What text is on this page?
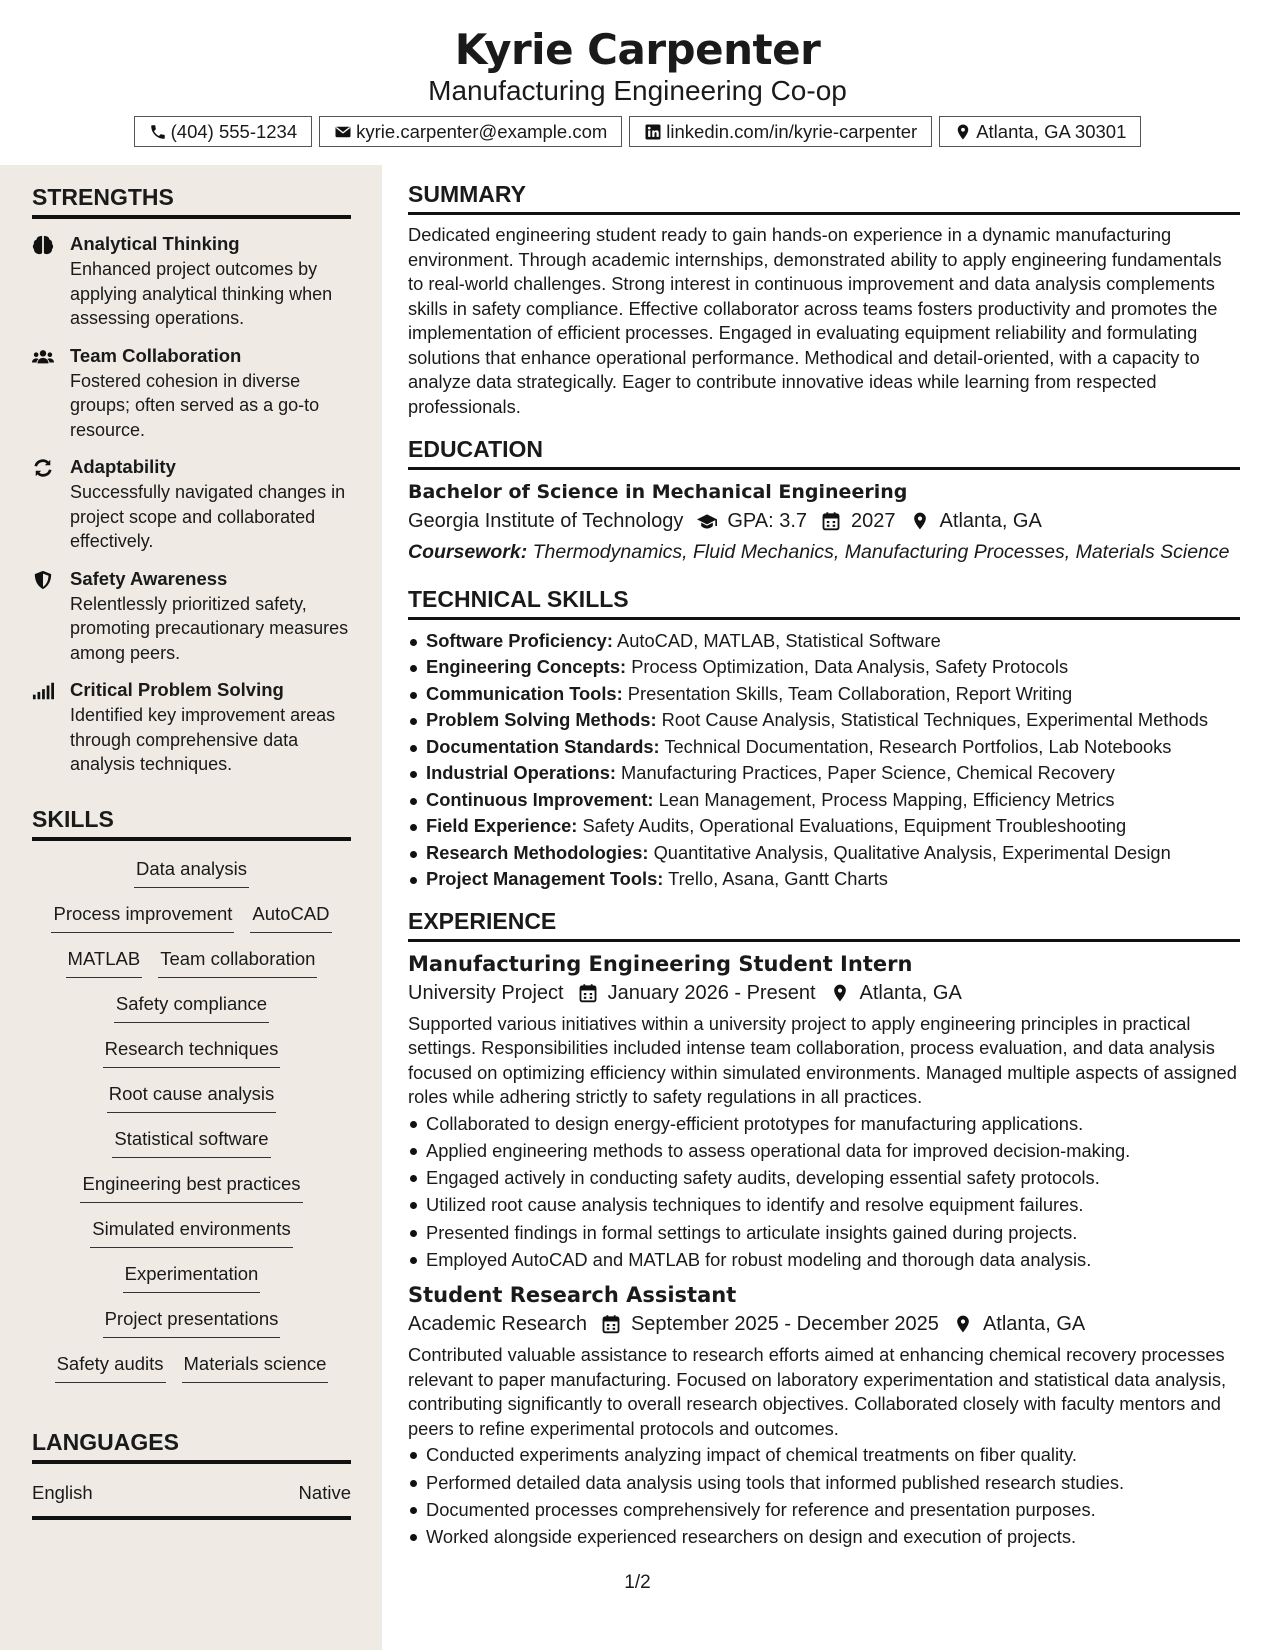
Kyrie Carpenter
Manufacturing Engineering Co-op
(404) 555-1234	kyrie.carpenter@example.com	linkedin.com/in/kyrie-carpenter	Atlanta, GA 30301
STRENGTHS
Analytical Thinking
Enhanced project outcomes by applying analytical thinking when assessing operations.
Team Collaboration
Fostered cohesion in diverse groups; often served as a go-to resource.
Adaptability
Successfully navigated changes in project scope and collaborated effectively.
Safety Awareness
Relentlessly prioritized safety, promoting precautionary measures among peers.
Critical Problem Solving
Identified key improvement areas through comprehensive data analysis techniques.
SKILLS
Data analysis
Process improvement AutoCAD
MATLAB Team collaboration
Safety compliance
Research techniques
Root cause analysis
Statistical software
Engineering best practices
Simulated environments
Experimentation
Project presentations
Safety audits Materials science
LANGUAGES
English	Native
SUMMARY
Dedicated engineering student ready to gain hands-on experience in a dynamic manufacturing environment. Through academic internships, demonstrated ability to apply engineering fundamentals to real-world challenges. Strong interest in continuous improvement and data analysis complements skills in safety compliance. Effective collaborator across teams fosters productivity and promotes the implementation of efficient processes. Engaged in evaluating equipment reliability and formulating solutions that enhance operational performance. Methodical and detail-oriented, with a capacity to analyze data strategically. Eager to contribute innovative ideas while learning from respected professionals.
EDUCATION
Bachelor of Science in Mechanical Engineering
Georgia Institute of Technology GPA: 3.7 2027 Atlanta, GA
Coursework: Thermodynamics, Fluid Mechanics, Manufacturing Processes, Materials Science
TECHNICAL SKILLS
Software Proficiency: AutoCAD, MATLAB, Statistical Software
Engineering Concepts: Process Optimization, Data Analysis, Safety Protocols
Communication Tools: Presentation Skills, Team Collaboration, Report Writing
Problem Solving Methods: Root Cause Analysis, Statistical Techniques, Experimental Methods
Documentation Standards: Technical Documentation, Research Portfolios, Lab Notebooks
Industrial Operations: Manufacturing Practices, Paper Science, Chemical Recovery
Continuous Improvement: Lean Management, Process Mapping, Efficiency Metrics
Field Experience: Safety Audits, Operational Evaluations, Equipment Troubleshooting
Research Methodologies: Quantitative Analysis, Qualitative Analysis, Experimental Design
Project Management Tools: Trello, Asana, Gantt Charts
EXPERIENCE
Manufacturing Engineering Student Intern
University Project January 2026 - Present Atlanta, GA
Supported various initiatives within a university project to apply engineering principles in practical settings. Responsibilities included intense team collaboration, process evaluation, and data analysis focused on optimizing efficiency within simulated environments. Managed multiple aspects of assigned roles while adhering strictly to safety regulations in all practices.
Collaborated to design energy-efficient prototypes for manufacturing applications.
Applied engineering methods to assess operational data for improved decision-making.
Engaged actively in conducting safety audits, developing essential safety protocols.
Utilized root cause analysis techniques to identify and resolve equipment failures.
Presented findings in formal settings to articulate insights gained during projects.
Employed AutoCAD and MATLAB for robust modeling and thorough data analysis.
Student Research Assistant
Academic Research September 2025 - December 2025 Atlanta, GA
Contributed valuable assistance to research efforts aimed at enhancing chemical recovery processes relevant to paper manufacturing. Focused on laboratory experimentation and statistical data analysis, contributing significantly to overall research objectives. Collaborated closely with faculty mentors and peers to refine experimental protocols and outcomes.
Conducted experiments analyzing impact of chemical treatments on fiber quality.
Performed detailed data analysis using tools that informed published research studies.
Documented processes comprehensively for reference and presentation purposes.
Worked alongside experienced researchers on design and execution of projects.
1/2
